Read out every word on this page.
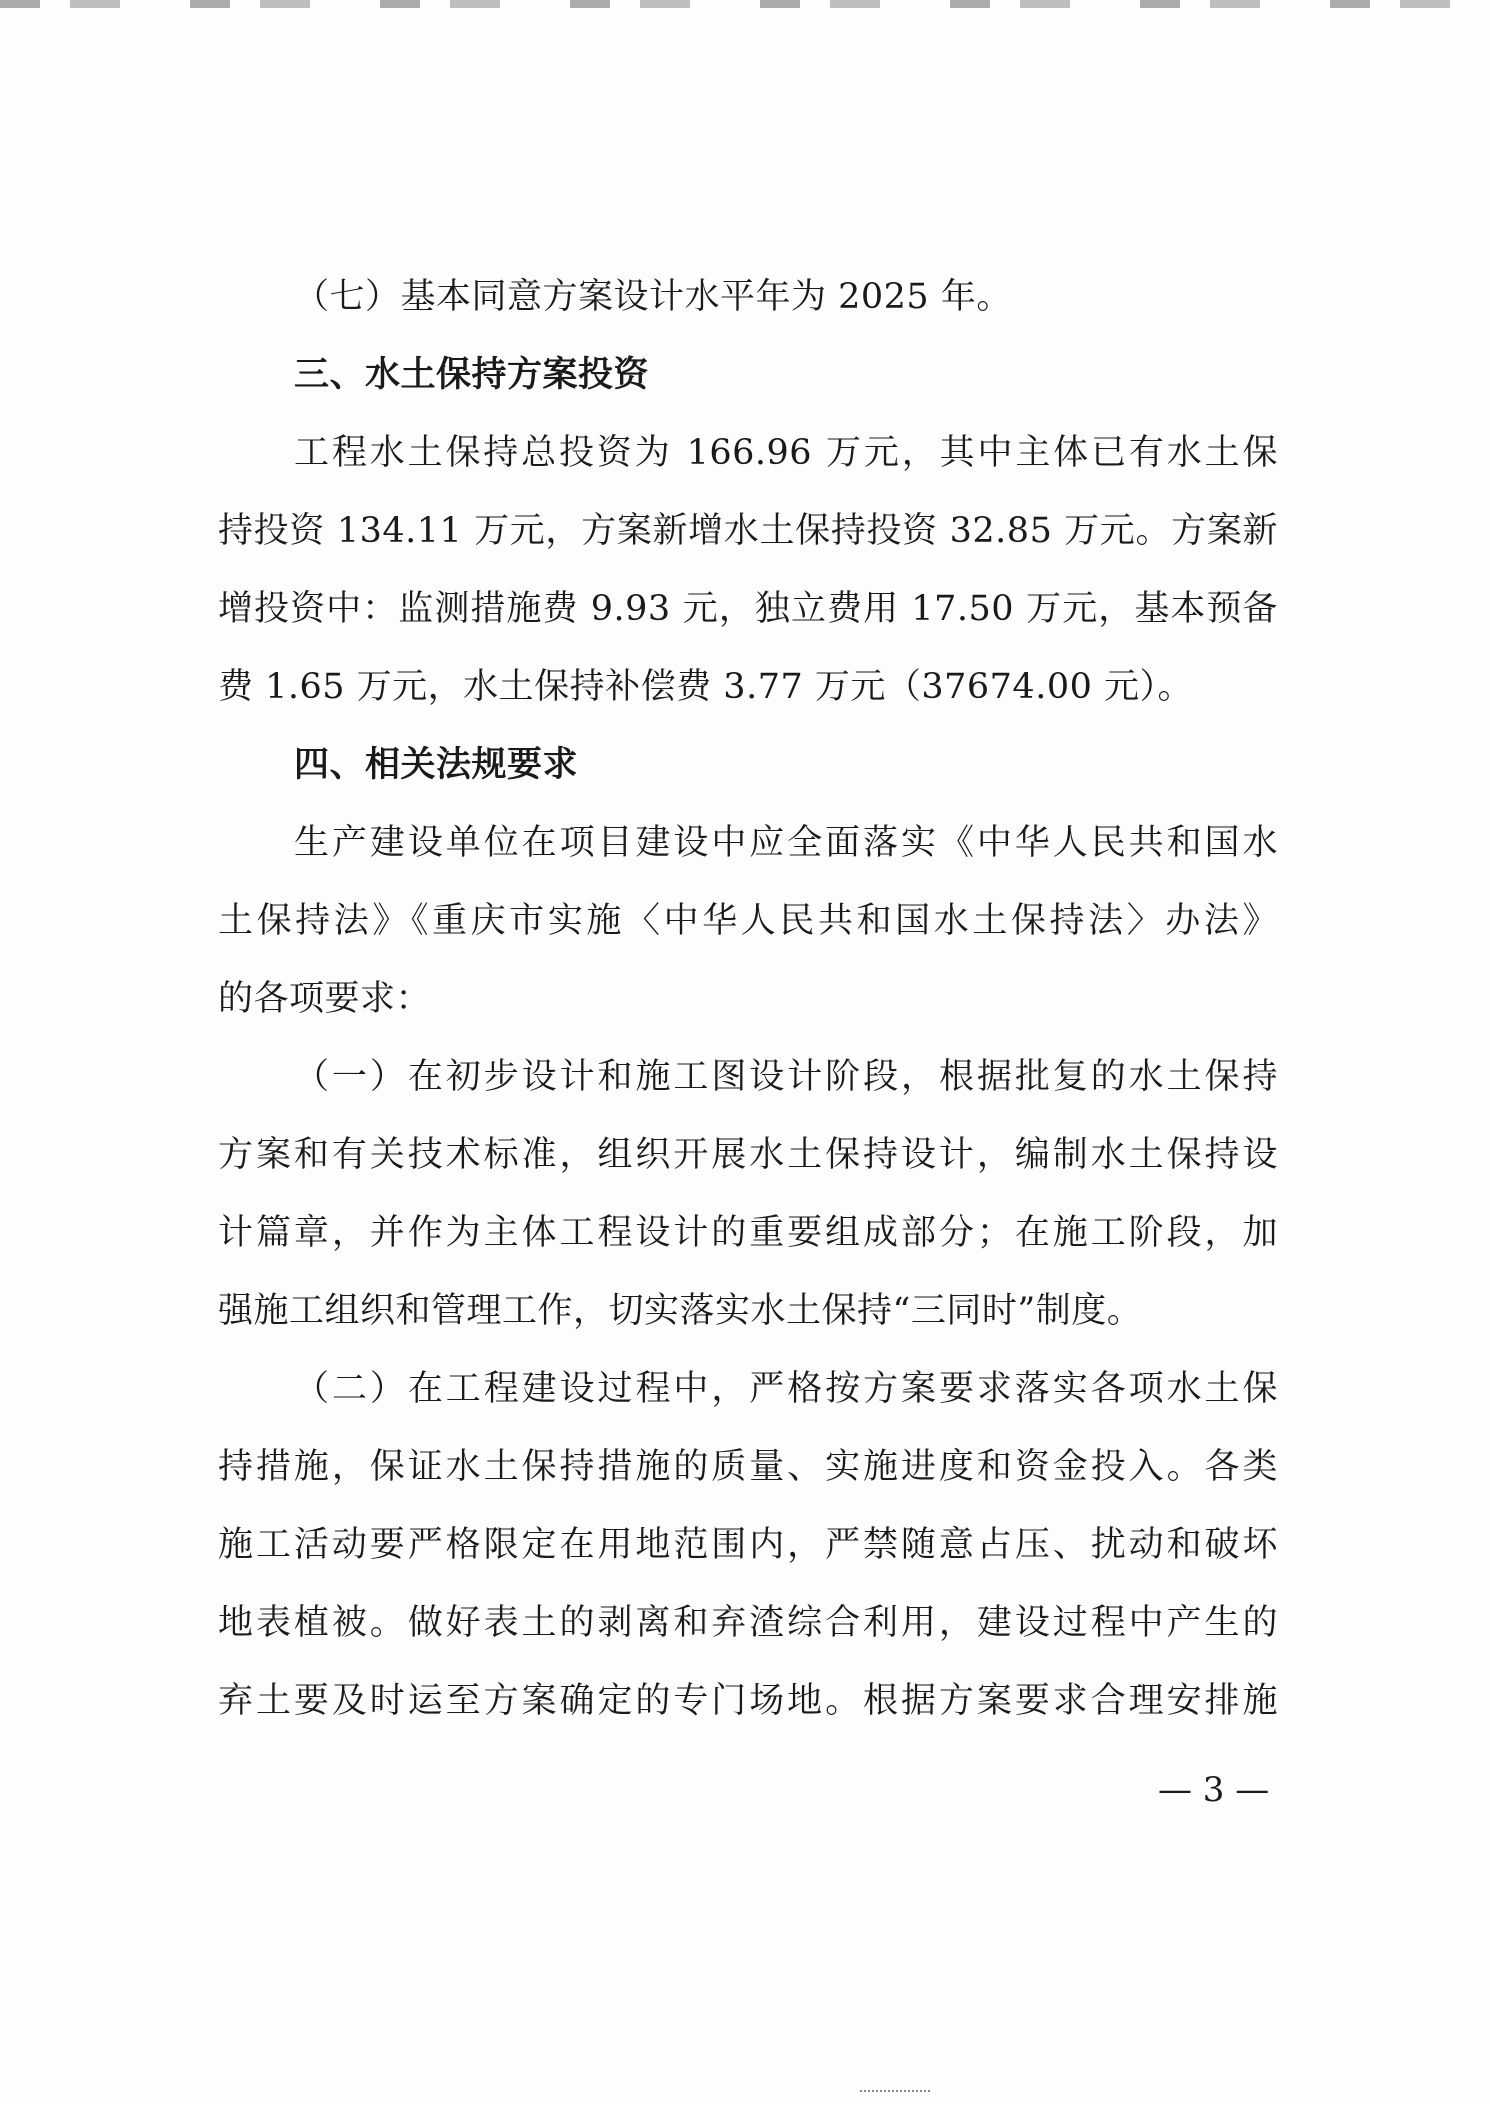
（七）基本同意方案设计水平年为 2025 年。
三、水土保持方案投资
工程水土保持总投资为 166.96 万元，其中主体已有水土保
持投资 134.11 万元，方案新增水土保持投资 32.85 万元。方案新
增投资中：监测措施费 9.93 元，独立费用 17.50 万元，基本预备
费 1.65 万元，水土保持补偿费 3.77 万元（37674.00 元）。
四、相关法规要求
生产建设单位在项目建设中应全面落实《中华人民共和国水
土保持法》《重庆市实施〈中华人民共和国水土保持法〉办法》
的各项要求：
（一）在初步设计和施工图设计阶段，根据批复的水土保持
方案和有关技术标准，组织开展水土保持设计，编制水土保持设
计篇章，并作为主体工程设计的重要组成部分；在施工阶段，加
强施工组织和管理工作，切实落实水土保持“三同时”制度。
（二）在工程建设过程中，严格按方案要求落实各项水土保
持措施，保证水土保持措施的质量、实施进度和资金投入。各类
施工活动要严格限定在用地范围内，严禁随意占压、扰动和破坏
地表植被。做好表土的剥离和弃渣综合利用，建设过程中产生的
弃土要及时运至方案确定的专门场地。根据方案要求合理安排施
— 3 —
